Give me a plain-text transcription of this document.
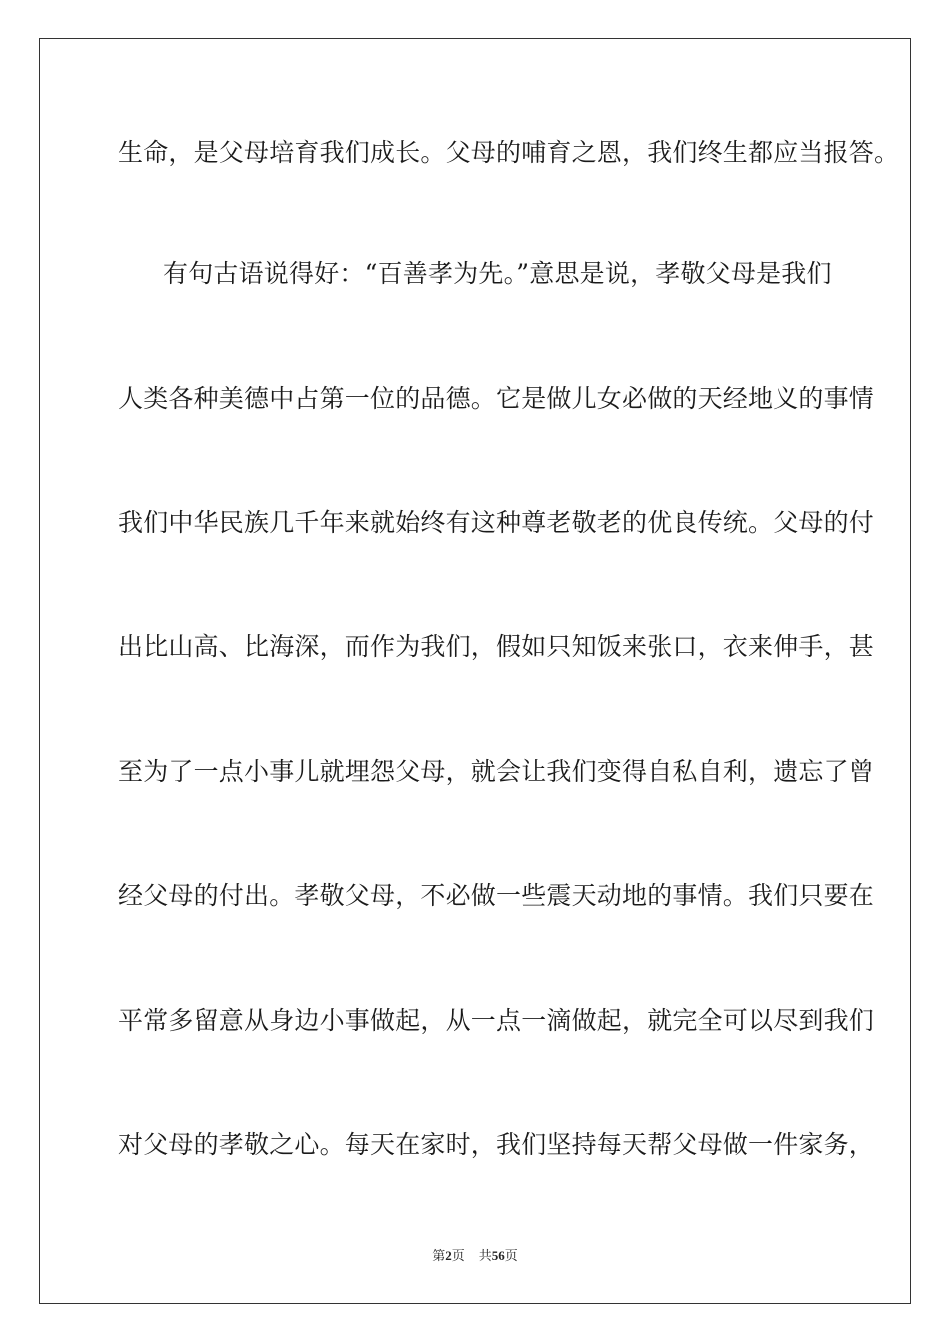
生命，是父母培育我们成长。父母的哺育之恩，我们终生都应当报答。
有句古语说得好：“百善孝为先。”意思是说，孝敬父母是我们
人类各种美德中占第一位的品德。它是做儿女必做的天经地义的事情
我们中华民族几千年来就始终有这种尊老敬老的优良传统。父母的付
出比山高、比海深，而作为我们，假如只知饭来张口，衣来伸手，甚
至为了一点小事儿就埋怨父母，就会让我们变得自私自利，遗忘了曾
经父母的付出。孝敬父母，不必做一些震天动地的事情。我们只要在
平常多留意从身边小事做起，从一点一滴做起，就完全可以尽到我们
对父母的孝敬之心。每天在家时，我们坚持每天帮父母做一件家务，
第2页 共56页
